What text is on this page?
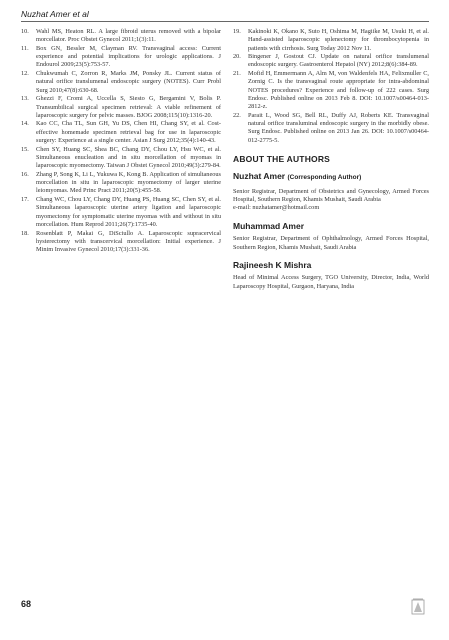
Nuzhat Amer et al
10.	Wahl MS, Heaton RL. A large fibroid uterus removed with a bipolar morcellator. Proc Obstet Gynecol 2011;1(3):11.
11.	Box GN, Bessler M, Clayman RV. Transvaginal access: Current experience and potential implications for urologic applications. J Endourol 2009;23(5):753-57.
12.	Chukwumah C, Zorron R, Marks JM, Ponsky JL. Current status of natural orifice translumenal endoscopic surgery (NOTES). Curr Probl Surg 2010;47(8):630-68.
13.	Ghezzi F, Cromi A, Uccella S, Siesto G, Bergamini V, Bolis P. Transumbilical surgical specimen retrieval: A viable refinement of laparoscopic surgery for pelvic masses. BJOG 2008;115(10):1316-20.
14.	Kao CC, Cha TL, Sun GH, Yu DS, Chen HI, Chang SY, et al. Cost-effective homemade specimen retrieval bag for use in laparoscopic surgery: Experience at a single center. Asian J Surg 2012;35(4):140-43.
15.	Chen SY, Huang SC, Shea BC, Chang DY, Chou LY, Hsu WC, et al. Simultaneous enucleation and in situ morcellation of myomas in laparoscopic myomectomy. Taiwan J Obstet Gynecol 2010;49(3):279-84.
16.	Zhang P, Song K, Li L, Yukuwa K, Kong B. Application of simultaneous morcellation in situ in laparoscopic myomectomy of larger uterine leiomyomas. Med Princ Pract 2011;20(5):455-58.
17.	Chang WC, Chou LY, Chang DY, Huang PS, Huang SC, Chen SY, et al. Simultaneous laparoscopic uterine artery ligation and laparoscopic myomectomy for symptomatic uterine myomas with and without in situ morcellation. Hum Reprod 2011;26(7):1735-40.
18.	Rosenblatt P, Makai G, DiSciullo A. Laparoscopic supracervical hysterectomy with transcervical morcellation: Initial experience. J Minim Invasive Gynecol 2010;17(3):331-36.
19.	Kakinoki K, Okano K, Suto H, Oshima M, Hagiike M, Usuki H, et al. Hand-assisted laparoscopic splenectomy for thrombocytopenia in patients with cirrhosis. Surg Today 2012 Nov 11.
20.	Bingener J, Gostout CJ. Update on natural orifice translumenal endoscopic surgery. Gastroenterol Hepatol (NY) 2012;8(6):384-89.
21.	Mofid H, Emmermann A, Alm M, von Waldenfels HA, Felixmuller C, Zornig C. Is the transvaginal route appropriate for intra-abdominal NOTES procedures? Experience and follow-up of 222 cases. Surg Endosc. Published online on 2013 Feb 8. DOI: 10.1007/s00464-013-2812-z.
22.	Parait L, Wood SG, Bell RL, Duffy AJ, Roberts KE. Transvaginal natural orifice transluminal endoscopic surgery in the morbidly obese. Surg Endosc. Published online on 2013 Jan 26. DOI: 10.1007/s00464-012-2775-5.
ABOUT THE AUTHORS
Nuzhat Amer (Corresponding Author)
Senior Registrar, Department of Obstetrics and Gynecology, Armed Forces Hospital, Southern Region, Khamis Mushait, Saudi Arabia
e-mail: nuzhatamer@hotmail.com
Muhammad Amer
Senior Registrar, Department of Ophthalmology, Armed Forces Hospital, Southern Region, Khamis Mushait, Saudi Arabia
Rajineesh K Mishra
Head of Minimal Access Surgery, TGO University, Director, India, World Laparoscopy Hospital, Gurgaon, Haryana, India
68
